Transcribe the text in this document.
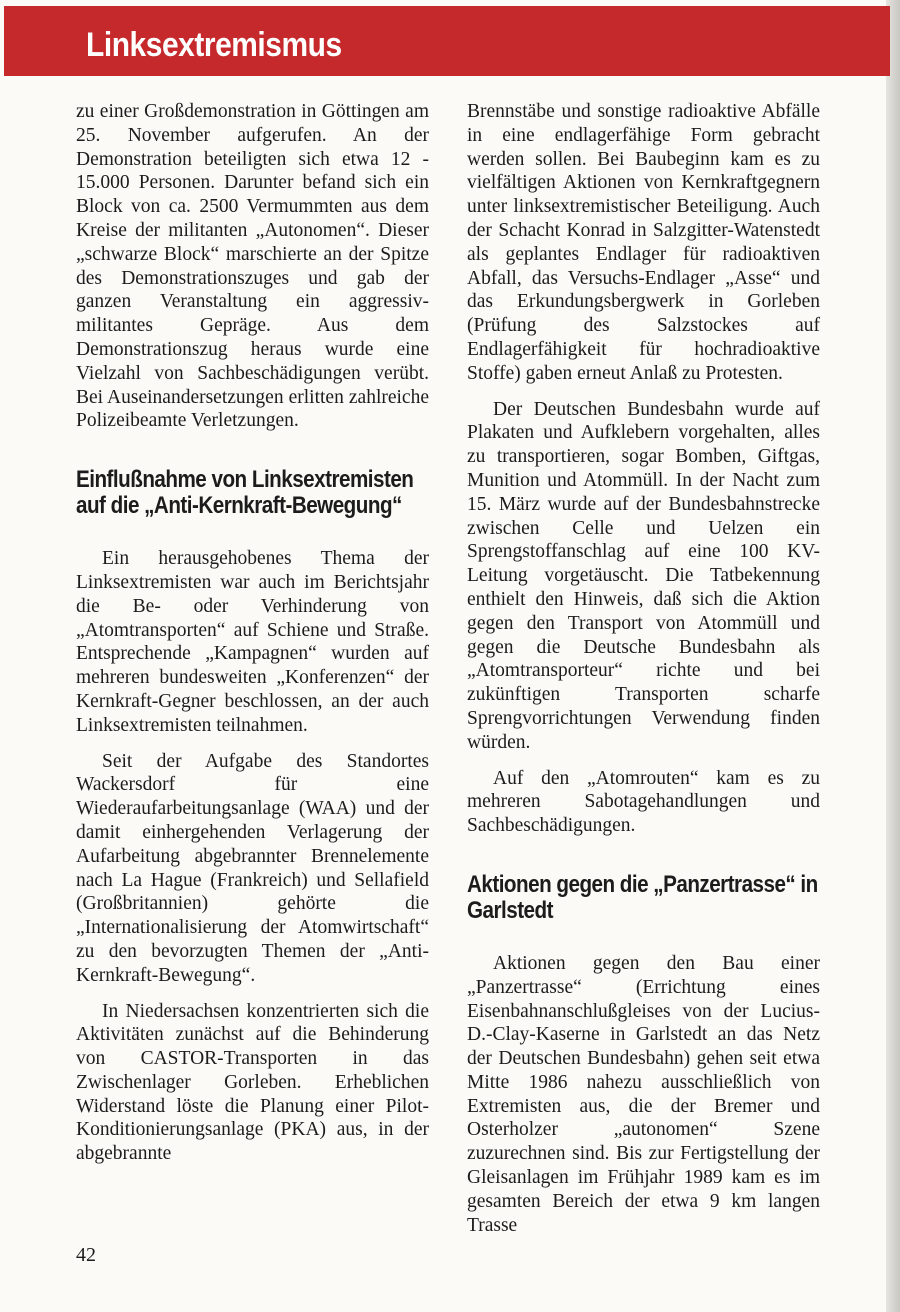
Linksextremismus

zu einer Großdemonstration in Göttingen am 25. November aufgerufen. An der Demonstration beteiligten sich etwa 12 - 15.000 Personen. Darunter befand sich ein Block von ca. 2500 Vermummten aus dem Kreise der militanten „Autonomen“. Dieser „schwarze Block“ marschierte an der Spitze des Demonstrationszuges und gab der ganzen Veranstaltung ein aggressiv-militantes Gepräge. Aus dem Demonstrationszug heraus wurde eine Vielzahl von Sachbeschädigungen verübt. Bei Auseinandersetzungen erlitten zahlreiche Polizeibeamte Verletzungen.

Einflußnahme von Linksextremisten auf die „Anti-Kernkraft-Bewegung“

Ein herausgehobenes Thema der Linksextremisten war auch im Berichtsjahr die Be- oder Verhinderung von „Atomtransporten“ auf Schiene und Straße. Entsprechende „Kampagnen“ wurden auf mehreren bundesweiten „Konferenzen“ der Kernkraft-Gegner beschlossen, an der auch Linksextremisten teilnahmen.

Seit der Aufgabe des Standortes Wackersdorf für eine Wiederaufarbeitungsanlage (WAA) und der damit einhergehenden Verlagerung der Aufarbeitung abgebrannter Brennelemente nach La Hague (Frankreich) und Sellafield (Großbritannien) gehörte die „Internationalisierung der Atomwirtschaft“ zu den bevorzugten Themen der „Anti-Kernkraft-Bewegung“.

In Niedersachsen konzentrierten sich die Aktivitäten zunächst auf die Behinderung von CASTOR-Transporten in das Zwischenlager Gorleben. Erheblichen Widerstand löste die Planung einer Pilot-Konditionierungsanlage (PKA) aus, in der abgebrannte

Brennstäbe und sonstige radioaktive Abfälle in eine endlagerfähige Form gebracht werden sollen. Bei Baubeginn kam es zu vielfältigen Aktionen von Kernkraftgegnern unter linksextremistischer Beteiligung. Auch der Schacht Konrad in Salzgitter-Watenstedt als geplantes Endlager für radioaktiven Abfall, das Versuchs-Endlager „Asse“ und das Erkundungsbergwerk in Gorleben (Prüfung des Salzstockes auf Endlagerfähigkeit für hochradioaktive Stoffe) gaben erneut Anlaß zu Protesten.

Der Deutschen Bundesbahn wurde auf Plakaten und Aufklebern vorgehalten, alles zu transportieren, sogar Bomben, Giftgas, Munition und Atommüll. In der Nacht zum 15. März wurde auf der Bundesbahnstrecke zwischen Celle und Uelzen ein Sprengstoffanschlag auf eine 100 KV-Leitung vorgetäuscht. Die Tatbekennung enthielt den Hinweis, daß sich die Aktion gegen den Transport von Atommüll und gegen die Deutsche Bundesbahn als „Atomtransporteur“ richte und bei zukünftigen Transporten scharfe Sprengvorrichtungen Verwendung finden würden.

Auf den „Atomrouten“ kam es zu mehreren Sabotagehandlungen und Sachbeschädigungen.

Aktionen gegen die „Panzertrasse“ in Garlstedt

Aktionen gegen den Bau einer „Panzertrasse“ (Errichtung eines Eisenbahnanschlußgleises von der Lucius-D.-Clay-Kaserne in Garlstedt an das Netz der Deutschen Bundesbahn) gehen seit etwa Mitte 1986 nahezu ausschließlich von Extremisten aus, die der Bremer und Osterholzer „autonomen“ Szene zuzurechnen sind. Bis zur Fertigstellung der Gleisanlagen im Frühjahr 1989 kam es im gesamten Bereich der etwa 9 km langen Trasse

42
